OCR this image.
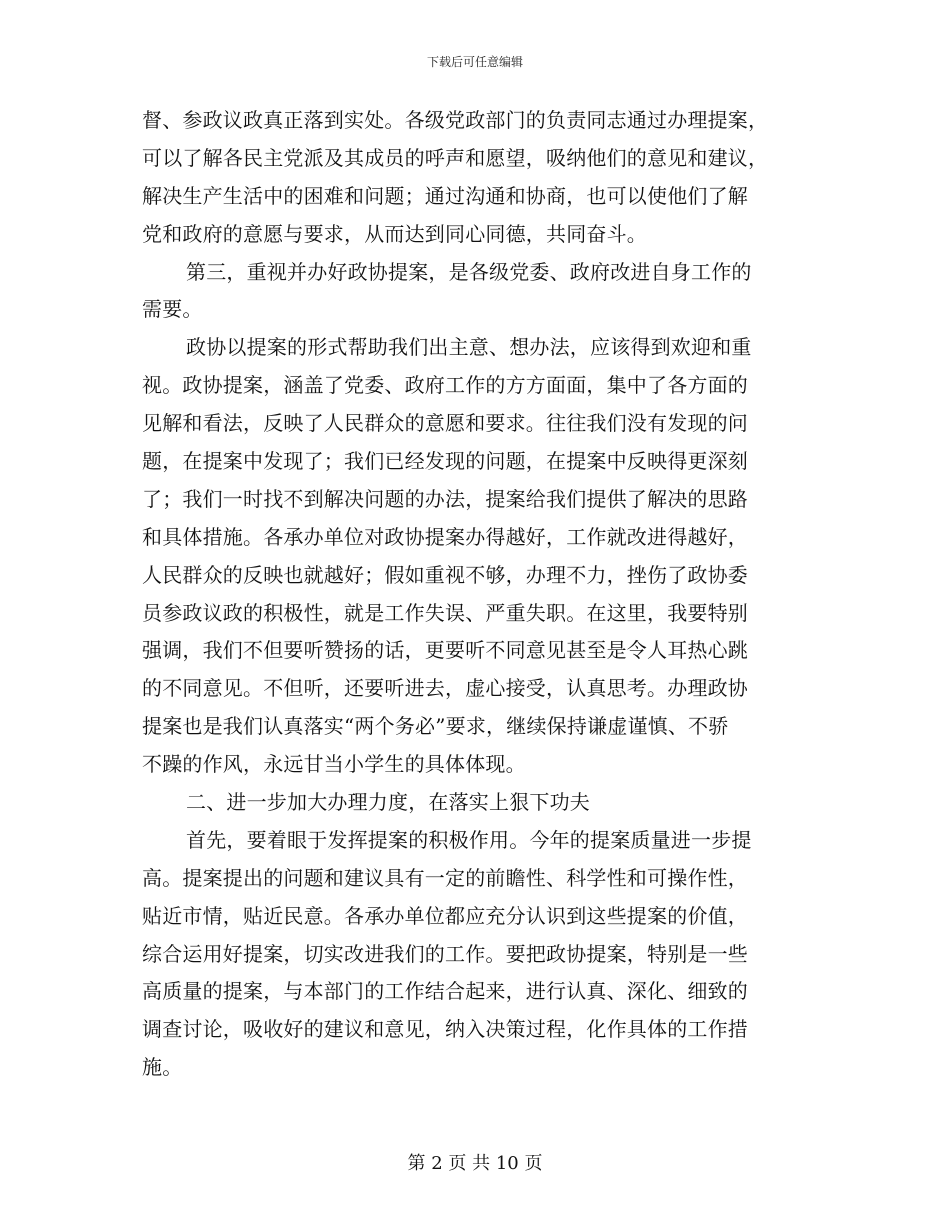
下载后可任意编辑
督、参政议政真正落到实处。各级党政部门的负责同志通过办理提案，
可以了解各民主党派及其成员的呼声和愿望，吸纳他们的意见和建议，
解决生产生活中的困难和问题；通过沟通和协商，也可以使他们了解
党和政府的意愿与要求，从而达到同心同德，共同奋斗。
第三，重视并办好政协提案，是各级党委、政府改进自身工作的
需要。
政协以提案的形式帮助我们出主意、想办法，应该得到欢迎和重
视。政协提案，涵盖了党委、政府工作的方方面面，集中了各方面的
见解和看法，反映了人民群众的意愿和要求。往往我们没有发现的问
题，在提案中发现了；我们已经发现的问题，在提案中反映得更深刻
了；我们一时找不到解决问题的办法，提案给我们提供了解决的思路
和具体措施。各承办单位对政协提案办得越好，工作就改进得越好，
人民群众的反映也就越好；假如重视不够，办理不力，挫伤了政协委
员参政议政的积极性，就是工作失误、严重失职。在这里，我要特别
强调，我们不但要听赞扬的话，更要听不同意见甚至是令人耳热心跳
的不同意见。不但听，还要听进去，虚心接受，认真思考。办理政协
提案也是我们认真落实“两个务必”要求，继续保持谦虚谨慎、不骄
不躁的作风，永远甘当小学生的具体体现。
二、进一步加大办理力度，在落实上狠下功夫
首先，要着眼于发挥提案的积极作用。今年的提案质量进一步提
高。提案提出的问题和建议具有一定的前瞻性、科学性和可操作性，
贴近市情，贴近民意。各承办单位都应充分认识到这些提案的价值，
综合运用好提案，切实改进我们的工作。要把政协提案，特别是一些
高质量的提案，与本部门的工作结合起来，进行认真、深化、细致的
调查讨论，吸收好的建议和意见，纳入决策过程，化作具体的工作措
施。
第 2 页 共 10 页
